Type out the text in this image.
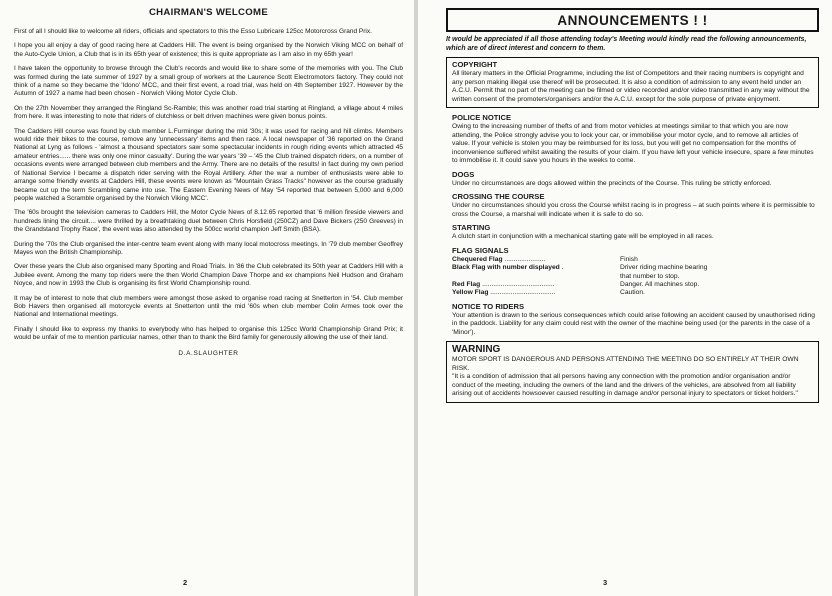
CHAIRMAN'S WELCOME

First of all I should like to welcome all riders, officials and spectators to this the Esso Lubricare 125cc Motorcross Grand Prix.

I hope you all enjoy a day of good racing here at Cadders Hill. The event is being organised by the Norwich Viking MCC on behalf of the Auto-Cycle Union, a Club that is in its 65th year of existence; this is quite appropriate as I am also in my 65th year!

I have taken the opportunity to browse through the Club's records and would like to share some of the memories with you. The Club was formed during the late summer of 1927 by a small group of workers at the Laurence Scott Electromotors factory. They could not think of a name so they became the 'Idono' MCC, and their first event, a road trial, was held on 4th September 1927. However by the Autumn of 1927 a name had been chosen - Norwich Viking Motor Cycle Club.

On the 27th November they arranged the Ringland Sc-Ramble; this was another road trial starting at Ringland, a village about 4 miles from here. It was interesting to note that riders of clutchless or belt driven machines were given bonus points.

The Cadders Hill course was found by club member L.Furminger during the mid '30s; it was used for racing and hill climbs. Members would ride their bikes to the course, remove any 'unnecessary' items and then race. A local newspaper of '36 reported on the Grand National at Lyng as follows - 'almost a thousand spectators saw some spectacular incidents in rough riding events which attracted 45 amateur entries...... there was only one minor casualty'. During the war years '39 – '45 the Club trained dispatch riders, on a number of occasions events were arranged between club members and the Army. There are no details of the results! in fact during my own period of National Service I became a dispatch rider serving with the Royal Artillery. After the war a number of enthusiasts were able to arrange some friendly events at Cadders Hill, these events were known as "Mountain Grass Tracks" however as the course gradually became cut up the term Scrambling came into use. The Eastern Evening News of May '54 reported that between 5,000 and 6,000 people watched a Scramble organised by the Norwich Viking MCC'.

The '60s brought the television cameras to Cadders Hill, the Motor Cycle News of 8.12.65 reported that '6 million fireside viewers and hundreds lining the circuit.... were thrilled by a breathtaking duel between Chris Horsfield (250CZ) and Dave Bickers (250 Greeves) in the Grandstand Trophy Race', the event was also attended by the 500cc world champion Jeff Smith (BSA).

During the '70s the Club organised the inter-centre team event along with many local motocross meetings. In '79 club member Geoffrey Mayes won the British Championship.

Over these years the Club also organised many Sporting and Road Trials. In '86 the Club celebrated its 50th year at Cadders Hill with a Jubilee event. Among the many top riders were the then World Champion Dave Thorpe and ex champions Neil Hudson and Graham Noyce, and now in 1993 the Club is organising its first World Championship round.

It may be of interest to note that club members were amongst those asked to organise road racing at Snetterton in '54. Club member Bob Havers then organised all motorcycle events at Snetterton until the mid '60s when club member Colin Armes took over the National and International meetings.

Finally I should like to express my thanks to everybody who has helped to organise this 125cc World Championship Grand Prix; it would be unfair of me to mention particular names, other than to thank the Bird family for generously allowing the use of their land.

D.A.SLAUGHTER
2
ANNOUNCEMENTS ! !

It would be appreciated if all those attending today's Meeting would kindly read the following announcements, which are of direct interest and concern to them.

COPYRIGHT

All literary matters in the Official Programme, including the list of Competitors and their racing numbers is copyright and any person making illegal use thereof will be prosecuted. It is also a condition of admission to any event held under an A.C.U. Permit that no part of the meeting can be filmed or video recorded and/or video transmitted in any way without the written consent of the promoters/organisers and/or the A.C.U. except for the sole purpose of private enjoyment.

POLICE NOTICE

Owing to the increasing number of thefts of and from motor vehicles at meetings similar to that which you are now attending, the Police strongly advise you to lock your car, or immobilise your motor cycle, and to remove all articles of value. If your vehicle is stolen you may be reimbursed for its loss, but you will get no compensation for the months of inconvenience suffered whilst awaiting the results of your claim. If you have left your vehicle insecure, spare a few minutes to immobilise it. It could save you hours in the weeks to come.

DOGS

Under no circumstances are dogs allowed within the precincts of the Course. This ruling be strictly enforced.

CROSSING THE COURSE

Under no circumstances should you cross the Course whilst racing is in progress – at such points where it is permissible to cross the Course, a marshal will indicate when it is safe to do so.

STARTING

A clutch start in conjunction with a mechanical starting gate will be employed in all races.

FLAG SIGNALS
Chequered Flag ......................	Finish
Black Flag with number displayed .	Driver riding machine bearing
that number to stop.
Red Flag .......................................	Danger. All machines stop.
Yellow Flag ...................................	Caution.
NOTICE TO RIDERS

Your attention is drawn to the serious consequences which could arise following an accident caused by unauthorised riding in the paddock. Liability for any claim could rest with the owner of the machine being used (or the parents in the case of a 'Minor').

WARNING

MOTOR SPORT IS DANGEROUS AND PERSONS ATTENDING THE MEETING DO SO ENTIRELY AT THEIR OWN RISK.

"It is a condition of admission that all persons having any connection with the promotion and/or organisation and/or conduct of the meeting, including the owners of the land and the drivers of the vehicles, are absolved from all liability arising out of accidents howsoever caused resulting in damage and/or personal injury to spectators or ticket holders."

3
